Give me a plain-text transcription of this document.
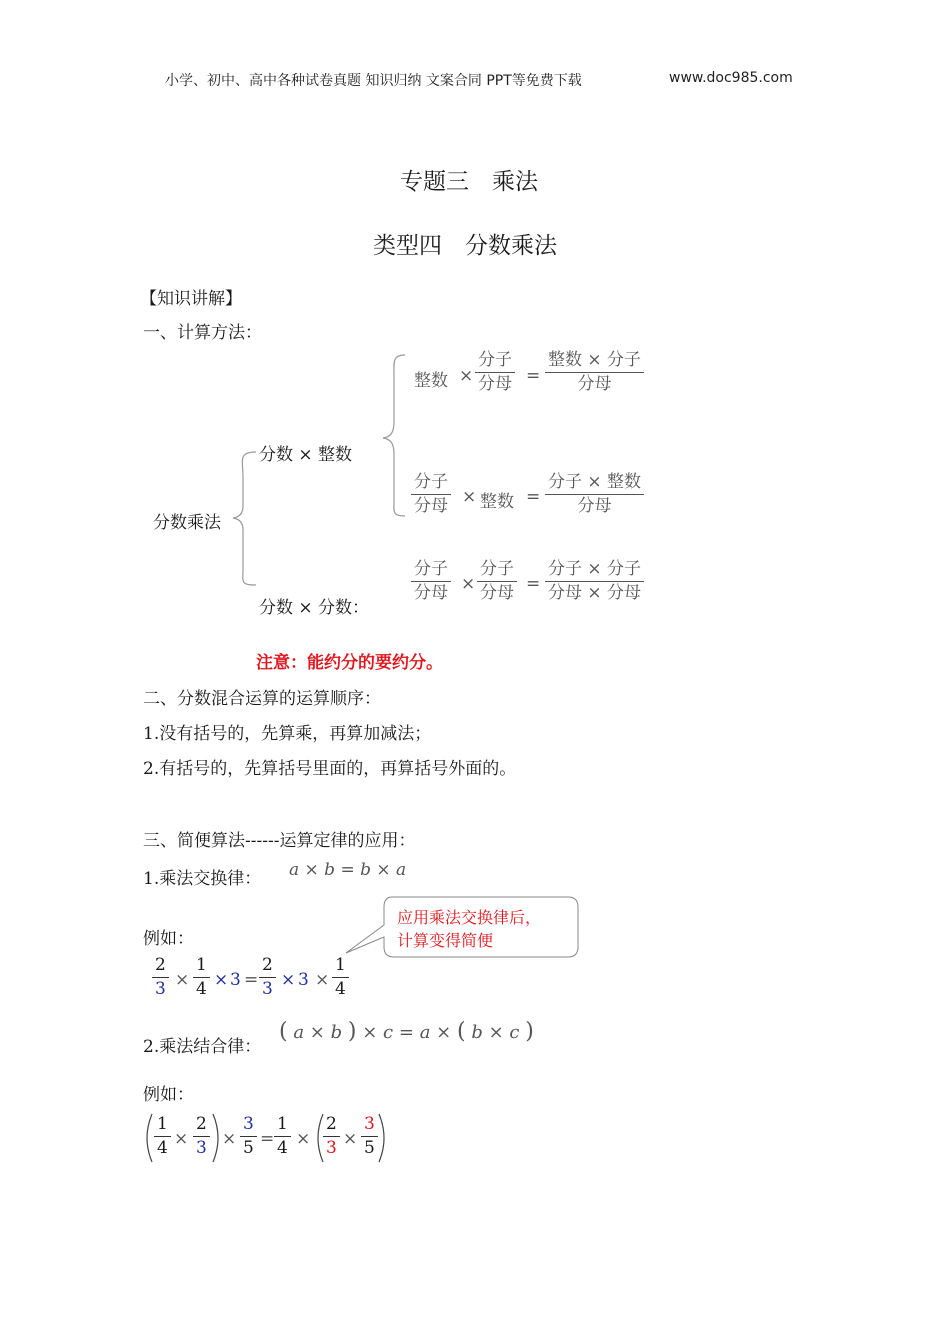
小学、初中、高中各种试卷真题 知识归纳 文案合同 PPT等免费下载	www.doc985.com
专题三　乘法
类型四　分数乘法
【知识讲解】
一、计算方法：
分数乘法
分数 × 整数
分数 × 分数：
整数 ×
分子
分母 =
整数 × 分子
分母
分子
分母 × 整数 =
分子 × 整数
分母
分子
分母 ×
分子
分母 =
分子 × 分子
分母 × 分母
注意：能约分的要约分。
二、分数混合运算的运算顺序：
1.没有括号的，先算乘，再算加减法；
2.有括号的，先算括号里面的，再算括号外面的。
三、简便算法------运算定律的应用：
1.乘法交换律： a × b = b × a
应用乘法交换律后，
计算变得简便
例如：
$\frac{2}{3} \times \frac{1}{4} \times 3 = \frac{2}{3} \times 3 \times \frac{1}{4}$
2.乘法结合律：
( a × b ) × c = a × ( b × c )
例如：
$\frac{1}{4} \times \frac{2}{3} \times \frac{3}{5} = \frac{1}{4} \times \frac{2}{3} \times \frac{3}{5}$
